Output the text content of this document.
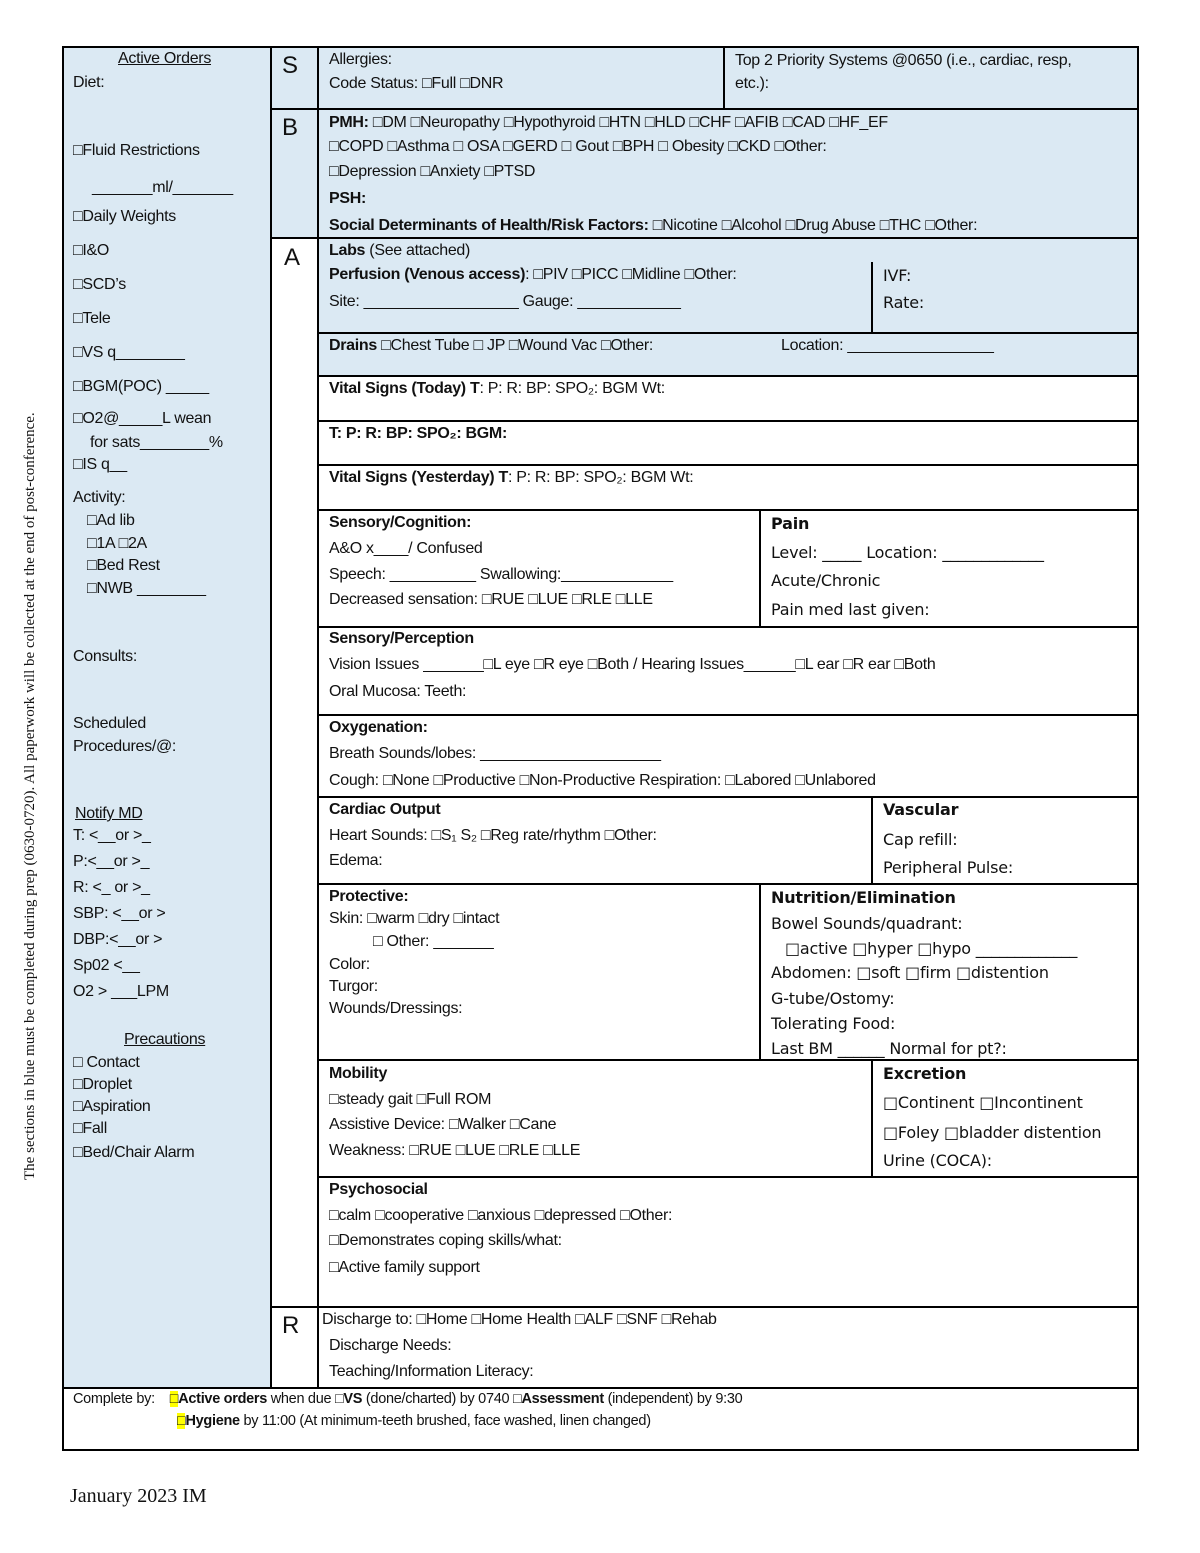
S
B
A
R
Active Orders
Diet:
□Fluid Restrictions
_______ml/_______
□Daily Weights
□I&O
□SCD’s
□Tele
□VS q________
□BGM(POC) _____
□O2@_____L wean
for sats________%
□IS q__
Activity:
□Ad lib
□1A □2A
□Bed Rest
□NWB ________
Consults:
Scheduled
Procedures/@:
Notify MD
T: <__or >_
P:<__or >_
R: <_ or >_
SBP: <__or >
DBP:<__or >
Sp02 <__
O2 > ___LPM
Precautions
□ Contact
□Droplet
□Aspiration
□Fall
□Bed/Chair Alarm
Allergies:
Code Status: □Full □DNR
Top 2 Priority Systems @0650 (i.e., cardiac, resp,
etc.):
PMH: □DM □Neuropathy □Hypothyroid □HTN □HLD □CHF □AFIB □CAD □HF_EF
□COPD □Asthma □ OSA □GERD □ Gout □BPH □ Obesity □CKD □Other:
□Depression □Anxiety □PTSD
PSH:
Social Determinants of Health/Risk Factors: □Nicotine □Alcohol □Drug Abuse □THC □Other:
Labs (See attached)
Perfusion (Venous access): □PIV □PICC □Midline □Other:
Site: __________________ Gauge: ____________
IVF:
Rate:
Drains □Chest Tube □ JP □Wound Vac □Other:	Location: _________________
Vital Signs (Today) T: P: R: BP: SPO₂: BGM Wt:
T: P: R: BP: SPO₂: BGM:
Vital Signs (Yesterday) T: P: R: BP: SPO₂: BGM Wt:
Sensory/Cognition:
A&O x____/ Confused
Speech: __________ Swallowing:_____________
Decreased sensation: □RUE □LUE □RLE □LLE
Pain
Level: _____ Location: _____________
Acute/Chronic
Pain med last given:
Sensory/Perception
Vision Issues _______□L eye □R eye □Both / Hearing Issues______□L ear □R ear □Both
Oral Mucosa: Teeth:
Oxygenation:
Breath Sounds/lobes: _____________________
Cough: □None □Productive □Non-Productive Respiration: □Labored □Unlabored
Cardiac Output
Heart Sounds: □S₁ S₂ □Reg rate/rhythm □Other:
Edema:
Vascular
Cap refill:
Peripheral Pulse:
Protective:
Skin: □warm □dry □intact
□ Other: _______
Color:
Turgor:
Wounds/Dressings:
Nutrition/Elimination
Bowel Sounds/quadrant:
□active □hyper □hypo _____________
Abdomen: □soft □firm □distention
G-tube/Ostomy:
Tolerating Food:
Last BM ______ Normal for pt?:
Mobility
□steady gait □Full ROM
Assistive Device: □Walker □Cane
Weakness: □RUE □LUE □RLE □LLE
Excretion
□Continent □Incontinent
□Foley □bladder distention
Urine (COCA):
Psychosocial
□calm □cooperative □anxious □depressed □Other:
□Demonstrates coping skills/what:
□Active family support
Discharge to: □Home □Home Health □ALF □SNF □Rehab
Discharge Needs:
Teaching/Information Literacy:
Complete by: □Active orders when due □VS (done/charted) by 0740 □Assessment (independent) by 9:30
□Hygiene by 11:00 (At minimum-teeth brushed, face washed, linen changed)
The sections in blue must be completed during prep (0630-0720). All paperwork will be collected at the end of post-conference.
January 2023 IM
